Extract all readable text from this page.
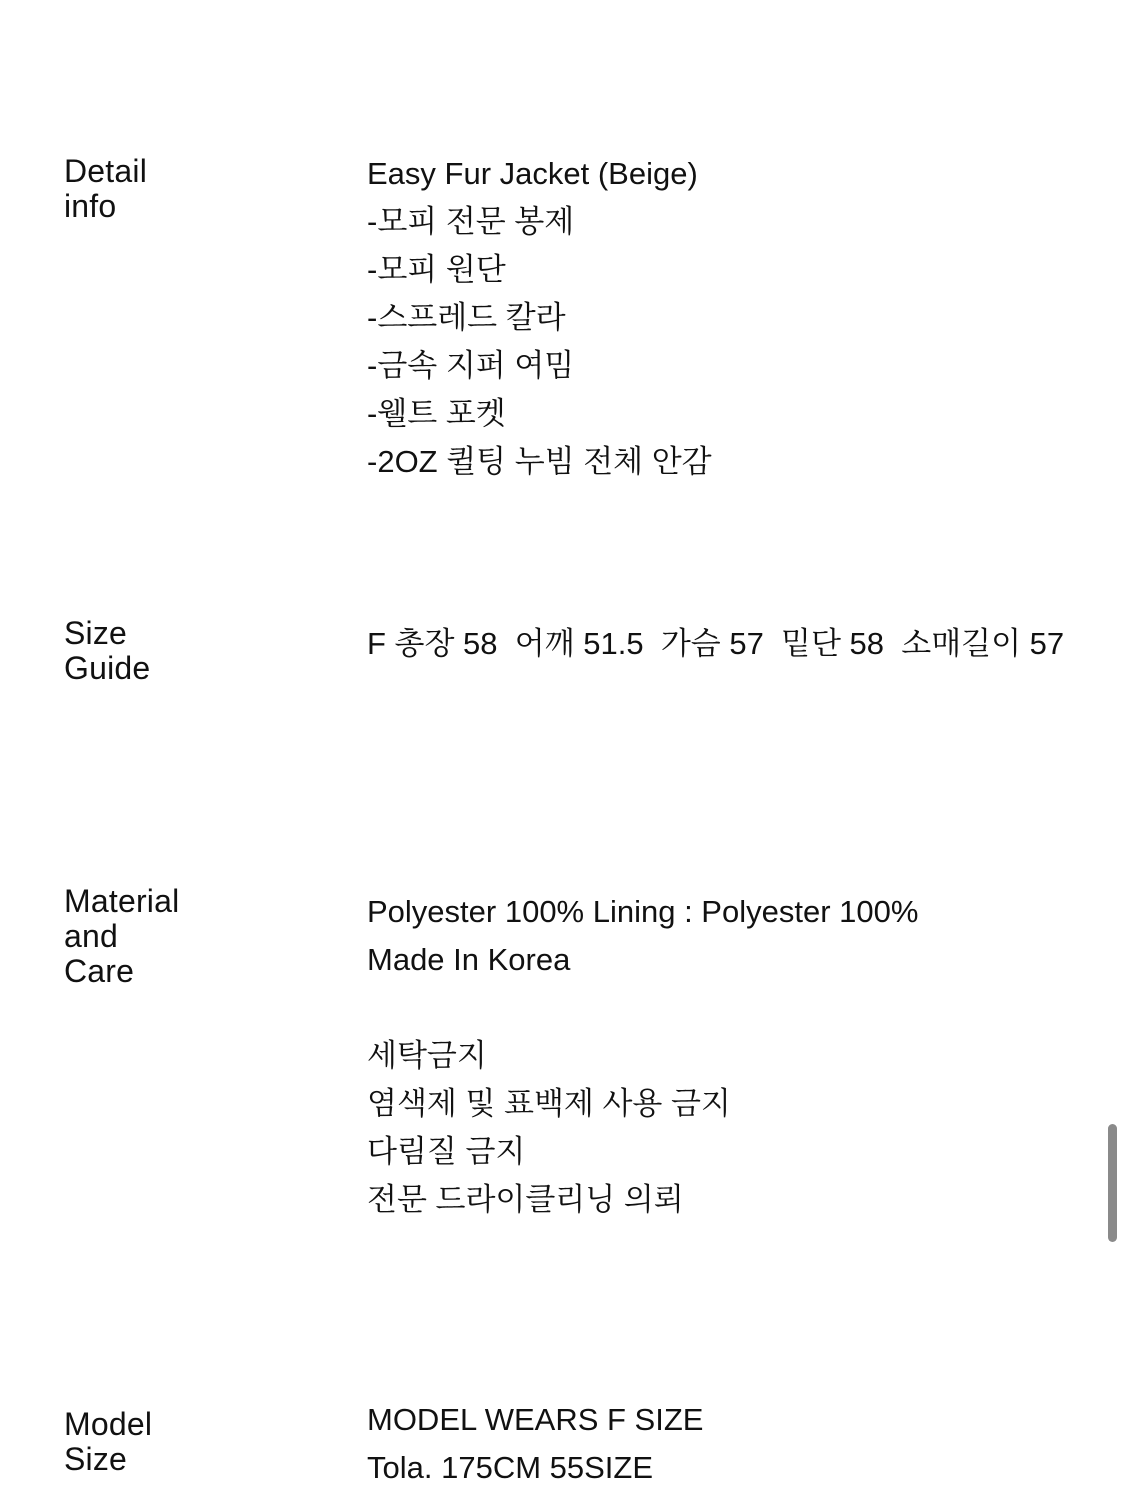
Detail
info
Easy Fur Jacket (Beige)
-모피 전문 봉제
-모피 원단
-스프레드 칼라
-금속 지퍼 여밈
-웰트 포켓
-2OZ 퀼팅 누빔 전체 안감
Size
Guide
F 총장 58  어깨 51.5  가슴 57  밑단 58  소매길이 57
Material
and
Care
Polyester 100% Lining : Polyester 100%
Made In Korea
세탁금지
염색제 및 표백제 사용 금지
다림질 금지
전문 드라이클리닝 의뢰
Model
Size
MODEL WEARS F SIZE
Tola. 175CM 55SIZE
